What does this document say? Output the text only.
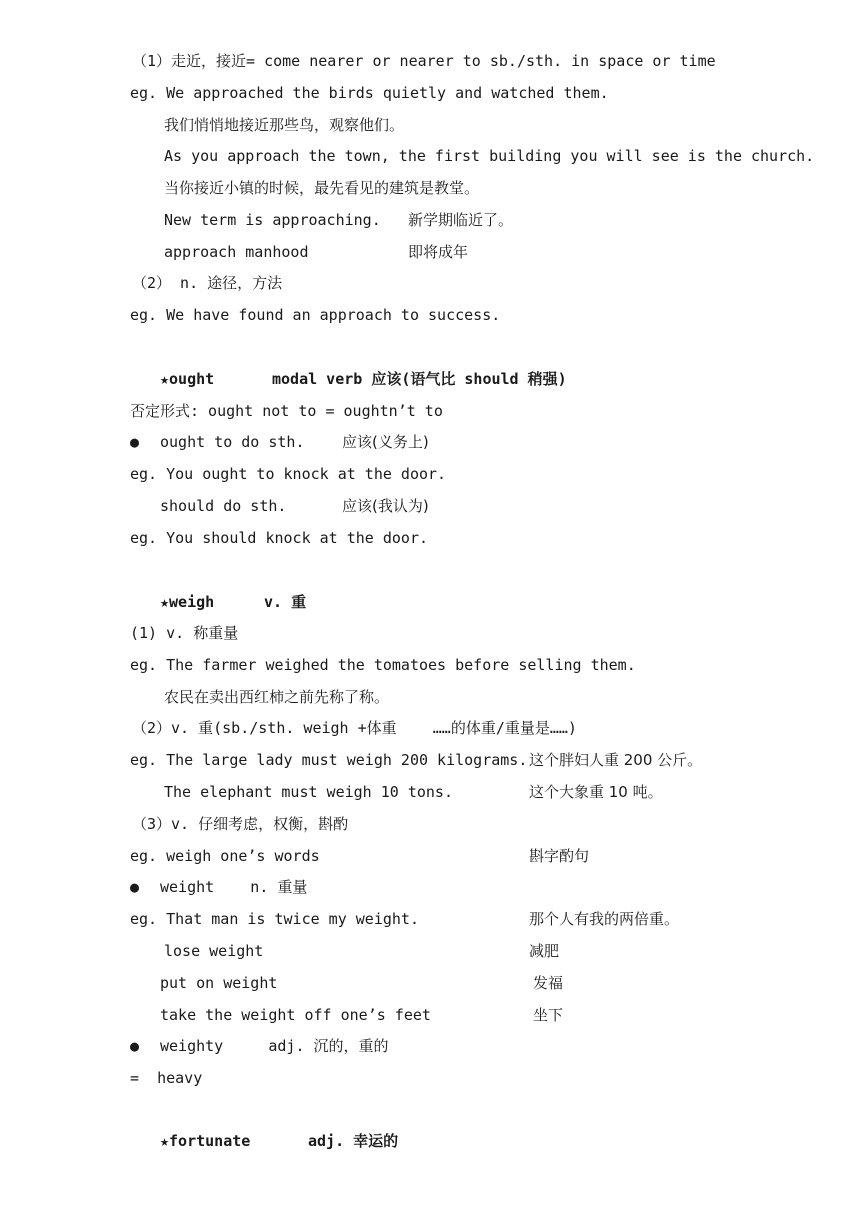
（1）走近，接近= come nearer or nearer to sb./sth. in space or time
eg. We approached the birds quietly and watched them.
我们悄悄地接近那些鸟，观察他们。
As you approach the town, the first building you will see is the church.
当你接近小镇的时候，最先看见的建筑是教堂。
New term is approaching. 新学期临近了。
approach manhood	即将成年
（2） n. 途径，方法
eg. We have found an approach to success.
★ought	modal verb 应该(语气比 should 稍强)
否定形式: ought not to = oughtn’t to
● ought to do sth.	应该(义务上)
eg. You ought to knock at the door.
should do sth.	应该(我认为)
eg. You should knock at the door.
★weigh	v. 重
(1) v. 称重量
eg. The farmer weighed the tomatoes before selling them.
农民在卖出西红柿之前先称了称。
（2）v. 重(sb./sth. weigh +体重    ……的体重/重量是……)
eg. The large lady must weigh 200 kilograms. 这个胖妇人重 200 公斤。
The elephant must weigh 10 tons.	这个大象重 10 吨。
（3）v. 仔细考虑，权衡，斟酌
eg. weigh one’s words	斟字酌句
● weight    n. 重量
eg. That man is twice my weight.	那个人有我的两倍重。
lose weight	减肥
put on weight	发福
take the weight off one’s feet	坐下
● weighty     adj. 沉的，重的
=  heavy
★fortunate	adj. 幸运的
